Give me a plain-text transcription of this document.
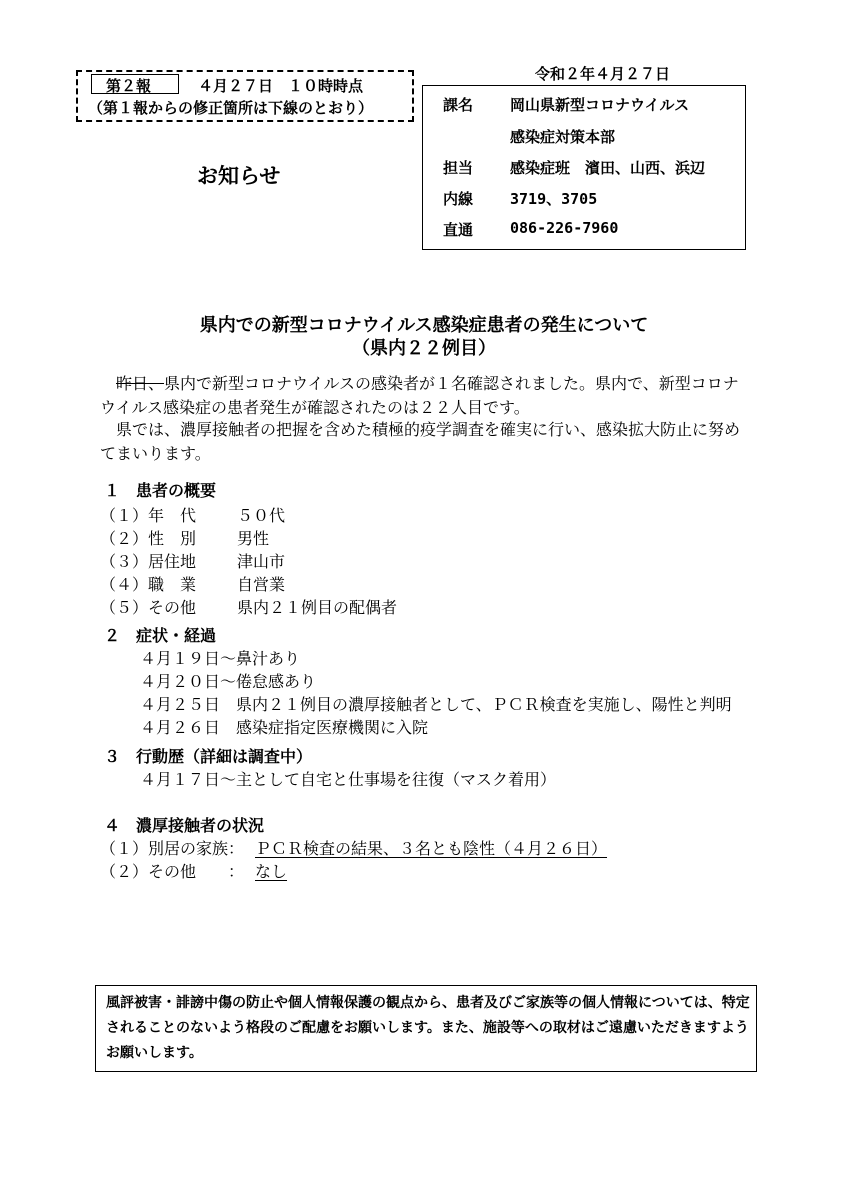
第２報	４月２７日　１０時時点
（第１報からの修正箇所は下線のとおり）
令和２年４月２７日
お知らせ
課名 岡山県新型コロナウイルス
感染症対策本部
担当 感染症班　濱田、山西、浜辺
内線 3719、3705
直通 086-226-7960
県内での新型コロナウイルス感染症患者の発生について
（県内２２例目）
昨日、県内で新型コロナウイルスの感染者が１名確認されました。県内で、新型コロナウイルス感染症の患者発生が確認されたのは２２人目です。
県では、濃厚接触者の把握を含めた積極的疫学調査を確実に行い、感染拡大防止に努めてまいります。
１　患者の概要
（１）年　代	５０代
（２）性　別	男性
（３）居住地	津山市
（４）職　業	自営業
（５）その他	県内２１例目の配偶者
２　症状・経過
４月１９日～鼻汁あり
４月２０日～倦怠感あり
４月２５日　県内２１例目の濃厚接触者として、ＰＣＲ検査を実施し、陽性と判明
４月２６日　感染症指定医療機関に入院
３　行動歴（詳細は調査中）
４月１７日～主として自宅と仕事場を往復（マスク着用）
４　濃厚接触者の状況
（１）別居の家族： ＰＣＲ検査の結果、３名とも陰性（４月２６日）
（２）その他　　： なし
風評被害・誹謗中傷の防止や個人情報保護の観点から、患者及びご家族等の個人情報については、特定されることのないよう格段のご配慮をお願いします。また、施設等への取材はご遠慮いただきますようお願いします。
